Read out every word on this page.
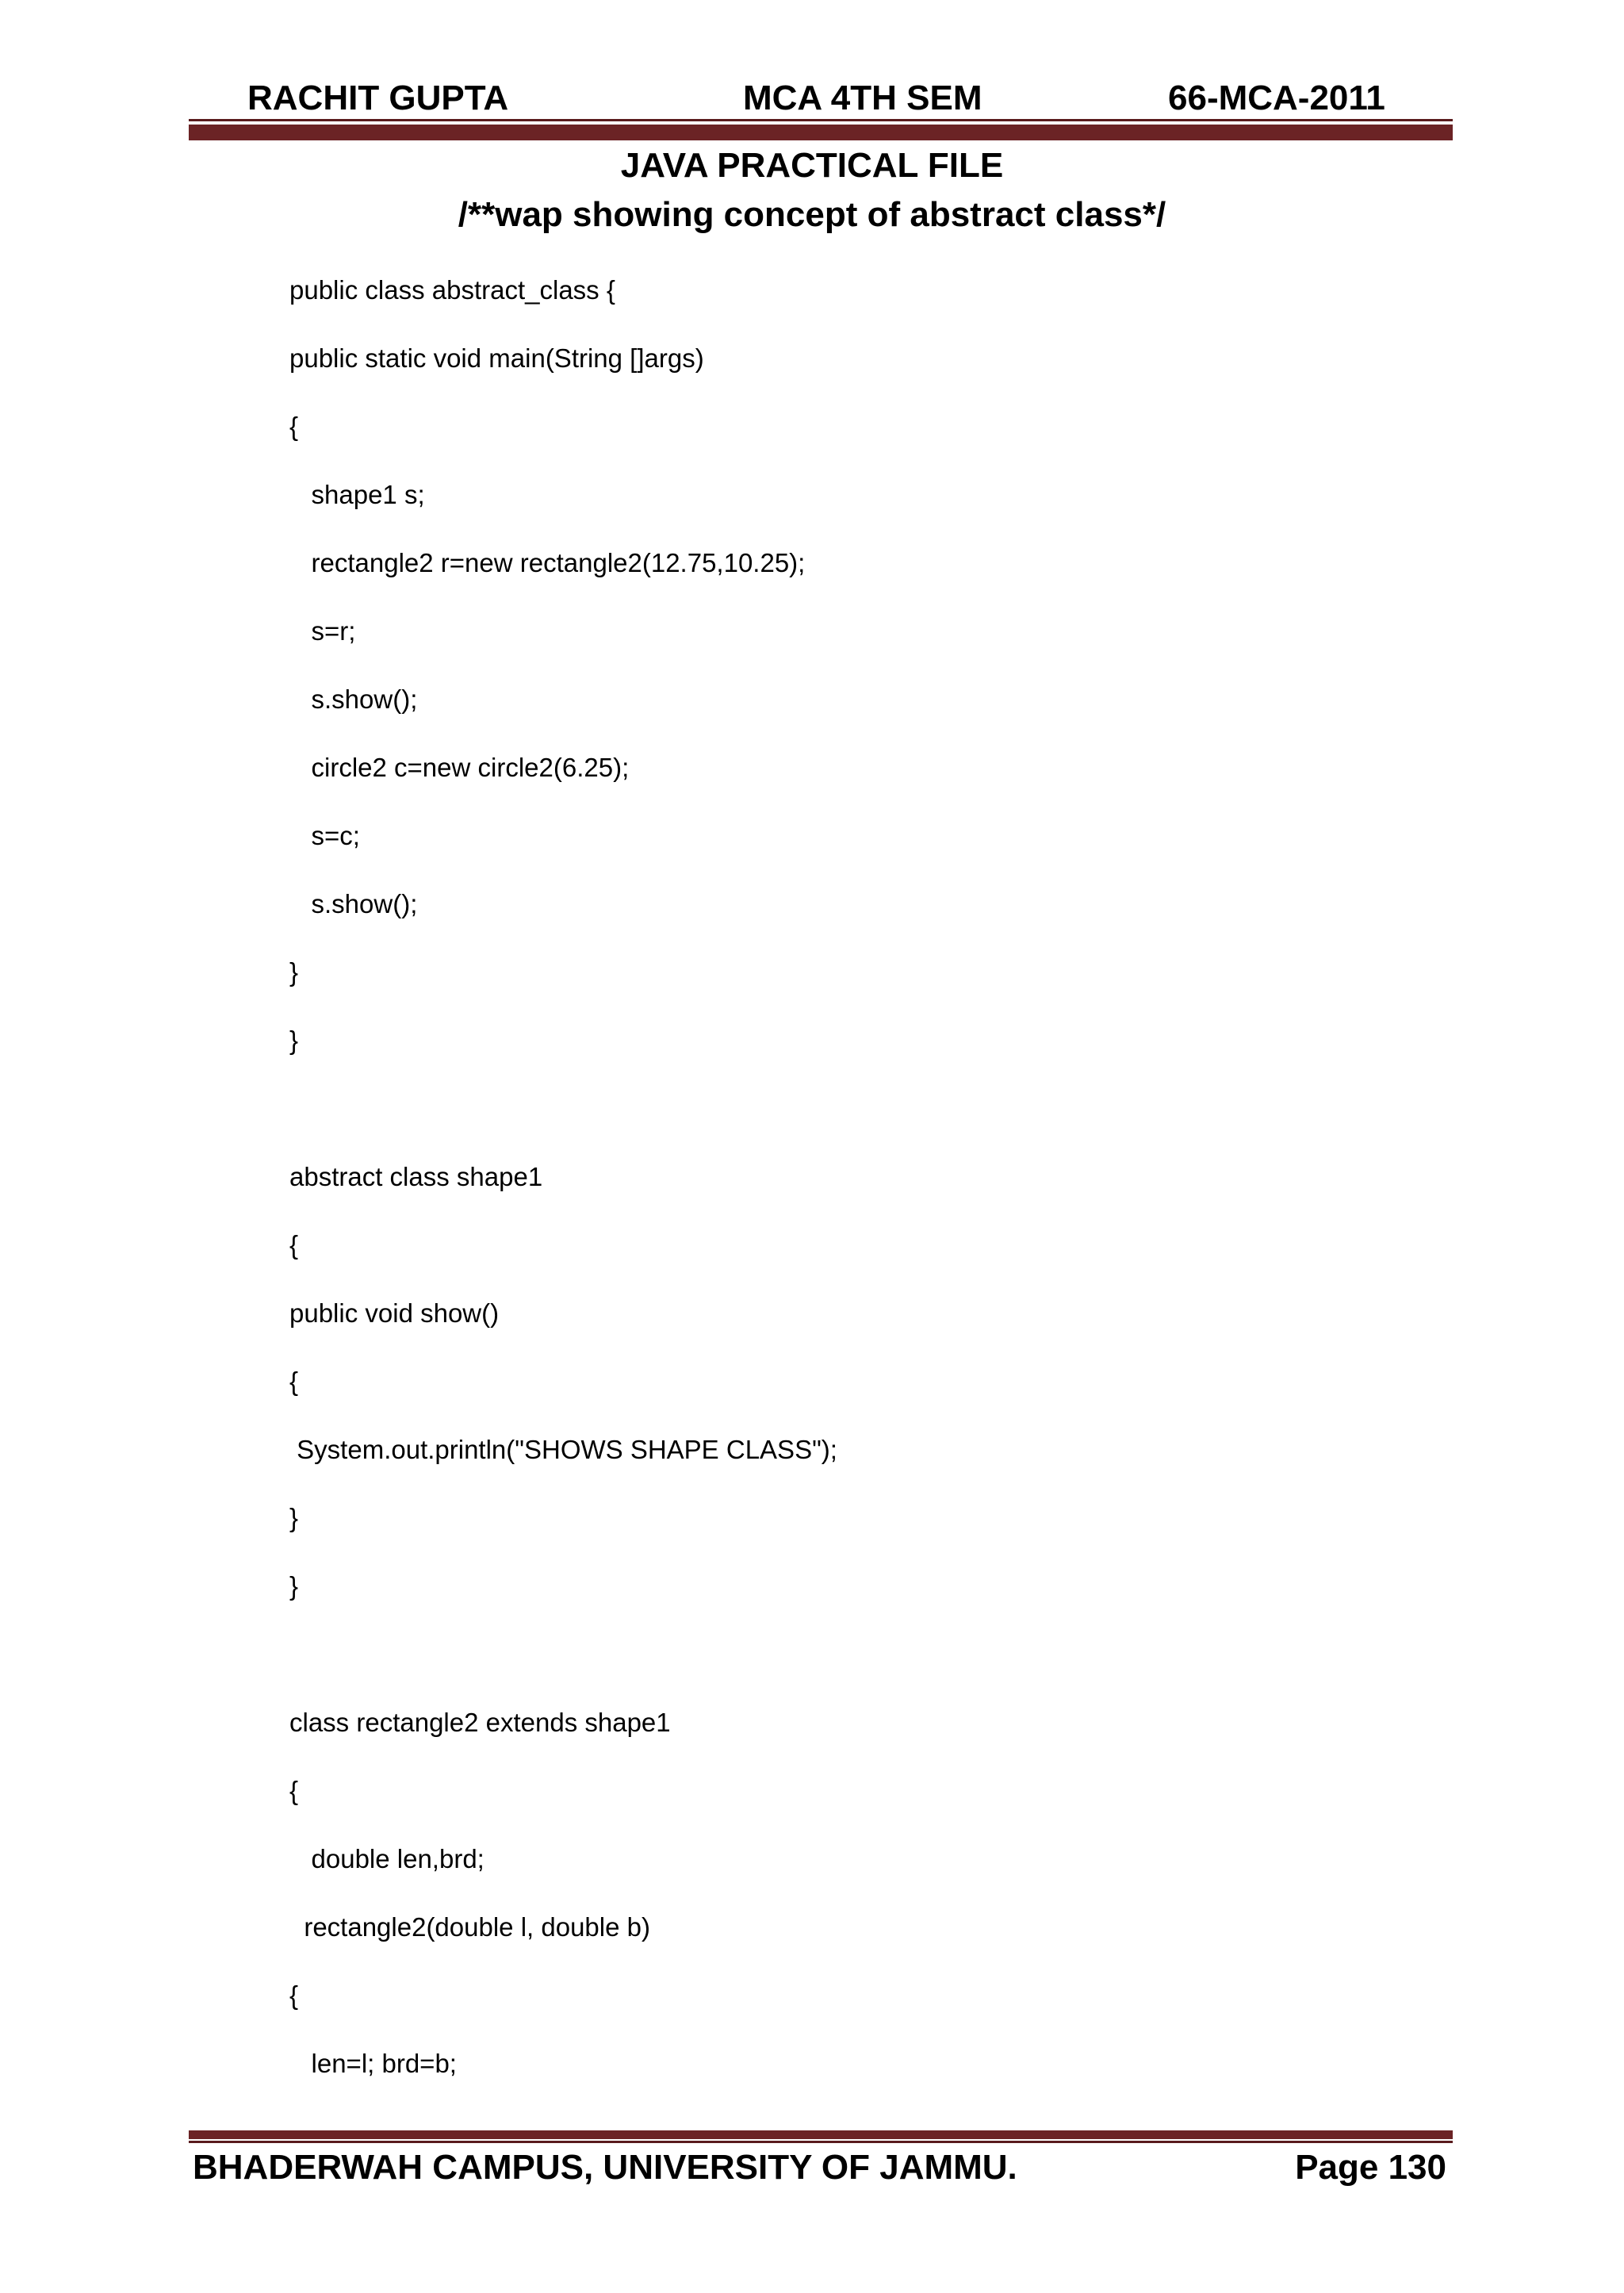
RACHIT GUPTA	MCA 4TH SEM	66-MCA-2011
JAVA PRACTICAL FILE
/**wap showing concept of abstract class*/
public class abstract_class {
public static void main(String []args)
{
shape1 s;
rectangle2 r=new rectangle2(12.75,10.25);
s=r;
s.show();
circle2 c=new circle2(6.25);
s=c;
s.show();
}
}
abstract class shape1
{
public void show()
{
System.out.println("SHOWS SHAPE CLASS");
}
}
class rectangle2 extends shape1
{
double len,brd;
rectangle2(double l, double b)
{
len=l; brd=b;
BHADERWAH CAMPUS, UNIVERSITY OF JAMMU.	Page 130
